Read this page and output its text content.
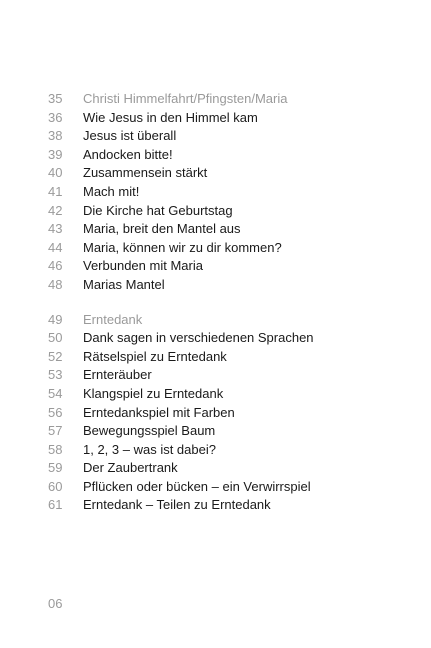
35	Christi Himmelfahrt/Pfingsten/Maria
36	Wie Jesus in den Himmel kam
38	Jesus ist überall
39	Andocken bitte!
40	Zusammensein stärkt
41	Mach mit!
42	Die Kirche hat Geburtstag
43	Maria, breit den Mantel aus
44	Maria, können wir zu dir kommen?
46	Verbunden mit Maria
48	Marias Mantel
49	Erntedank
50	Dank sagen in verschiedenen Sprachen
52	Rätselspiel zu Erntedank
53	Ernteräuber
54	Klangspiel zu Erntedank
56	Erntedankspiel mit Farben
57	Bewegungsspiel Baum
58	1, 2, 3 – was ist dabei?
59	Der Zaubertrank
60	Pflücken oder bücken – ein Verwirrspiel
61	Erntedank – Teilen zu Erntedank
06
